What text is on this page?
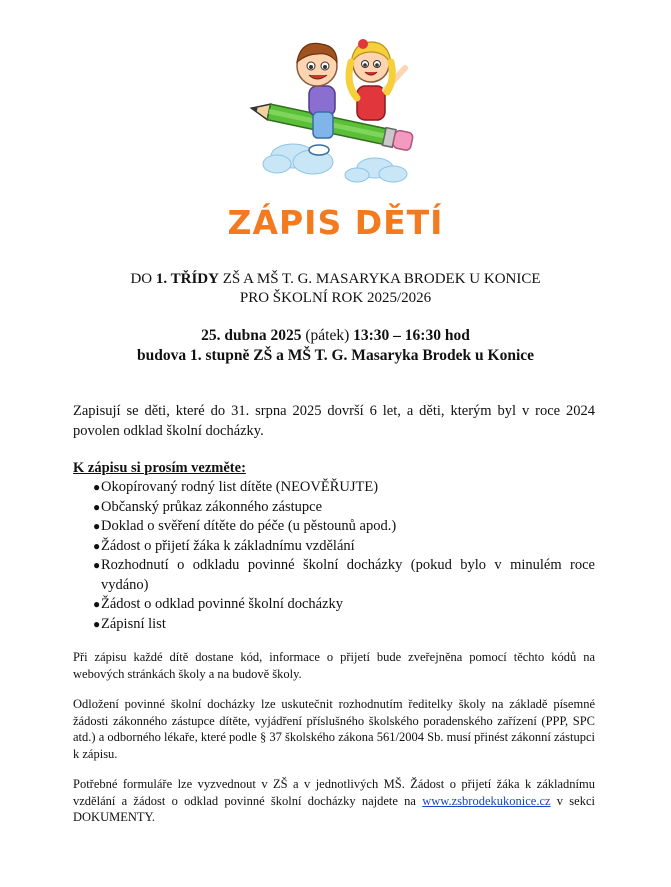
ZÁPIS DĚTÍ
DO 1. TŘÍDY ZŠ A MŠ T. G. MASARYKA BRODEK U KONICE
PRO ŠKOLNÍ ROK 2025/2026
25. dubna 2025 (pátek) 13:30 – 16:30 hod
budova 1. stupně ZŠ a MŠ T. G. Masaryka Brodek u Konice
Zapisují se děti, které do 31. srpna 2025 dovrší 6 let, a děti, kterým byl v roce 2024 povolen odklad školní docházky.
K zápisu si prosím vezměte:
● Okopírovaný rodný list dítěte (NEOVĚŘUJTE)
● Občanský průkaz zákonného zástupce
● Doklad o svěření dítěte do péče (u pěstounů apod.)
● Žádost o přijetí žáka k základnímu vzdělání
● Rozhodnutí o odkladu povinné školní docházky (pokud bylo v minulém roce vydáno)
● Žádost o odklad povinné školní docházky
● Zápisní list
Při zápisu každé dítě dostane kód, informace o přijetí bude zveřejněna pomocí těchto kódů na webových stránkách školy a na budově školy.
Odložení povinné školní docházky lze uskutečnit rozhodnutím ředitelky školy na základě písemné žádosti zákonného zástupce dítěte, vyjádření příslušného školského poradenského zařízení (PPP, SPC atd.) a odborného lékaře, které podle § 37 školského zákona 561/2004 Sb. musí přinést zákonní zástupci k zápisu.
Potřebné formuláře lze vyzvednout v ZŠ a v jednotlivých MŠ. Žádost o přijetí žáka k základnímu vzdělání a žádost o odklad povinné školní docházky najdete na www.zsbrodekukonice.cz v sekci DOKUMENTY.
